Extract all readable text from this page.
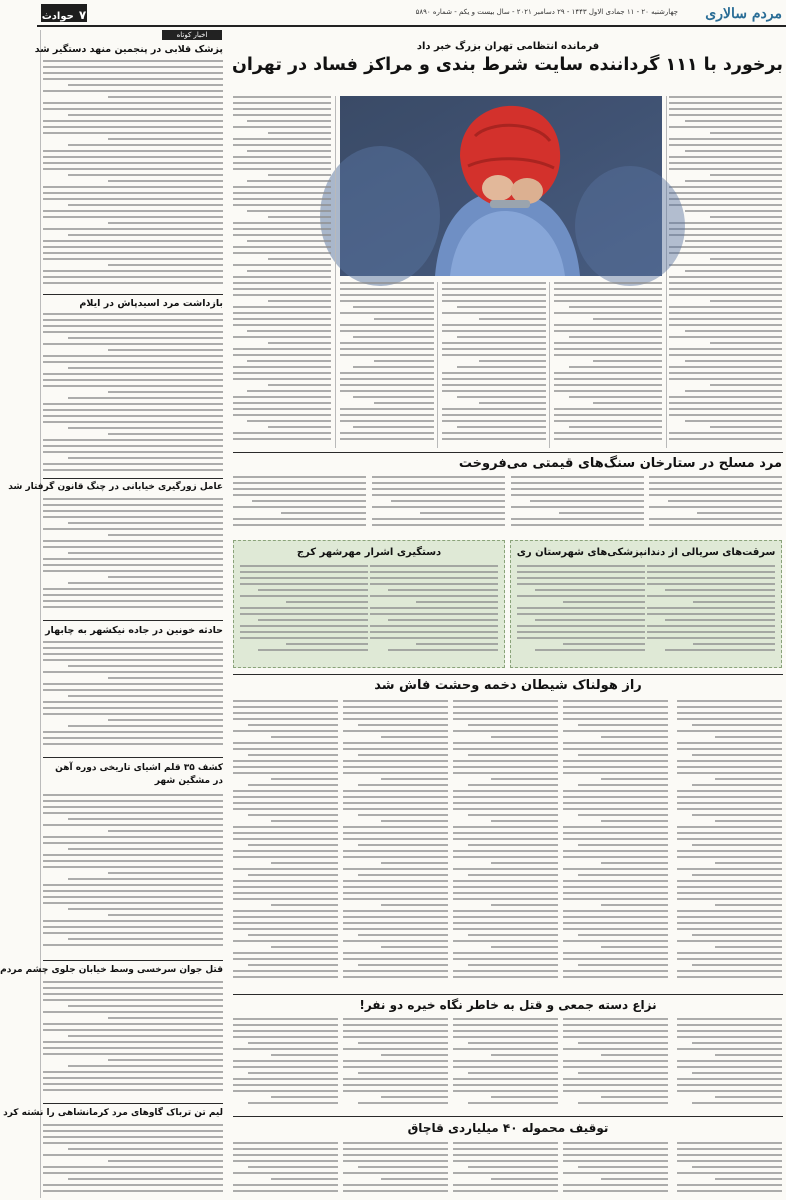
مردم سالاری
چهارشنبه ۲۰ - ۱۱ جمادی الاول ۱۴۴۳ - ۲۹ دسامبر ۲۰۲۱ - سال بیست و یکم - شماره ۵۸۹۰
۷ حوادث
اخبار کوتاه
پزشک قلابی در پنجمین منهد دستگیر شد
بازداشت مرد اسیدپاش در ایلام
عامل زورگیری خیابانی در چنگ قانون گرفتار شد
حادثه خونین در جاده نیکشهر به چابهار
کشف ۳۵ قلم اشیای تاریخی دوره آهن در مشگین شهر
قتل جوان سرخسی وسط خیابان جلوی چشم مردم
لیم تن ترباک گاوهای مرد کرمانشاهی را نشته کرد
فرمانده انتظامی تهران بزرگ خبر داد
برخورد با ۱۱۱ گرداننده سایت شرط بندی و مراکز فساد در تهران
مرد مسلح در ستارخان سنگ‌های قیمتی می‌فروخت
سرقت‌های سریالی از دندانپزشکی‌های شهرستان ری
دستگیری اشرار مهرشهر کرج
راز هولناک شیطان دخمه وحشت فاش شد
نزاع دسته جمعی و قتل به خاطر نگاه خیره دو نفر!
توقیف محموله ۴۰ میلیاردی قاچاق
